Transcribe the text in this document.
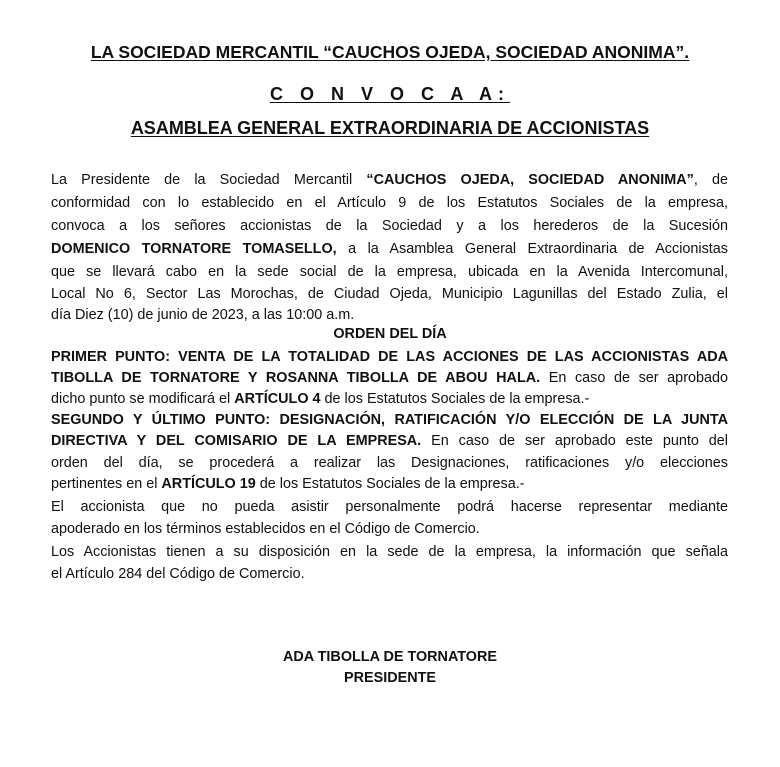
LA SOCIEDAD MERCANTIL “CAUCHOS OJEDA, SOCIEDAD ANONIMA”.
C O N V O C A A:
ASAMBLEA GENERAL EXTRAORDINARIA DE ACCIONISTAS
La Presidente de la Sociedad Mercantil “CAUCHOS OJEDA, SOCIEDAD ANONIMA”, de
conformidad con lo establecido en el Artículo 9 de los Estatutos Sociales de la empresa,
convoca a los señores accionistas de la Sociedad y a los herederos de la Sucesión
DOMENICO TORNATORE TOMASELLO, a la Asamblea General Extraordinaria de Accionistas
que se llevará cabo en la sede social de la empresa, ubicada en la Avenida Intercomunal,
Local No 6, Sector Las Morochas, de Ciudad Ojeda, Municipio Lagunillas del Estado Zulia, el
día Diez (10) de junio de 2023, a las 10:00 a.m.
ORDEN DEL DÍA
PRIMER PUNTO: VENTA DE LA TOTALIDAD DE LAS ACCIONES DE LAS ACCIONISTAS ADA
TIBOLLA DE TORNATORE Y ROSANNA TIBOLLA DE ABOU HALA. En caso de ser aprobado
dicho punto se modificará el ARTÍCULO 4 de los Estatutos Sociales de la empresa.-
SEGUNDO Y ÚLTIMO PUNTO: DESIGNACIÓN, RATIFICACIÓN Y/O ELECCIÓN DE LA JUNTA
DIRECTIVA Y DEL COMISARIO DE LA EMPRESA. En caso de ser aprobado este punto del
orden del día, se procederá a realizar las Designaciones, ratificaciones y/o elecciones
pertinentes en el ARTÍCULO 19 de los Estatutos Sociales de la empresa.-
El accionista que no pueda asistir personalmente podrá hacerse representar mediante
apoderado en los términos establecidos en el Código de Comercio.
Los Accionistas tienen a su disposición en la sede de la empresa, la información que señala
el Artículo 284 del Código de Comercio.
ADA TIBOLLA DE TORNATORE
PRESIDENTE
